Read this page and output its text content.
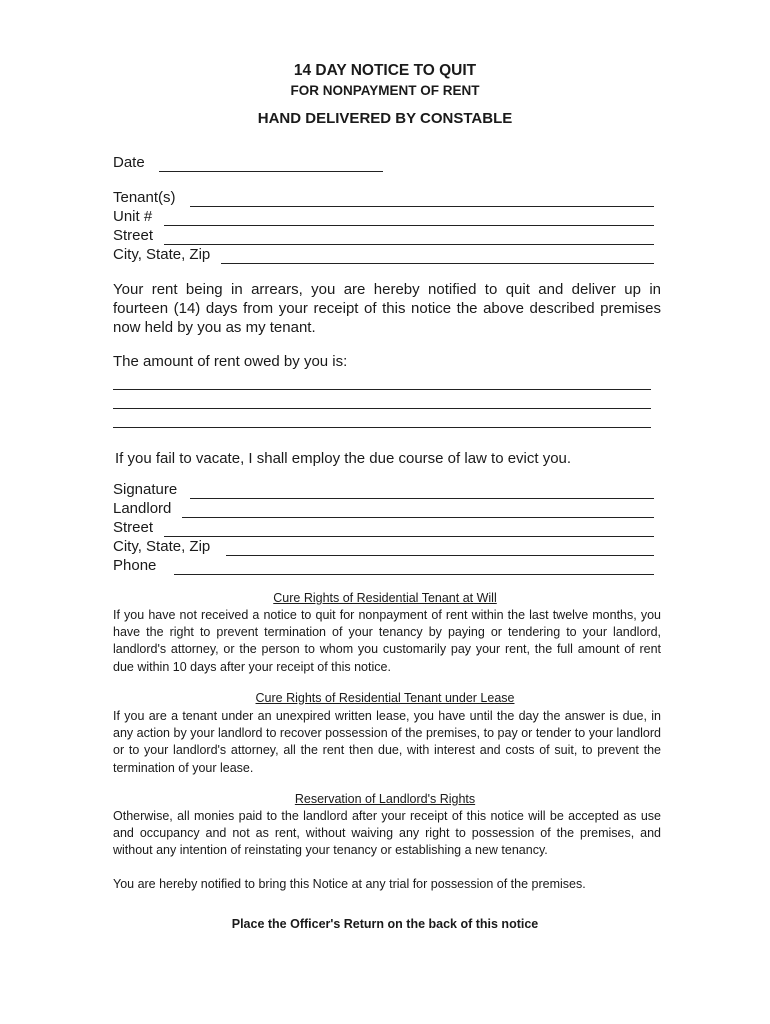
14 DAY NOTICE TO QUIT
FOR NONPAYMENT OF RENT
HAND DELIVERED BY CONSTABLE
Date
Tenant(s)
Unit #
Street
City, State, Zip
Your rent being in arrears, you are hereby notified to quit and deliver up in fourteen (14) days from your receipt of this notice the above described premises now held by you as my tenant.
The amount of rent owed by you is:
If you fail to vacate, I shall employ the due course of law to evict you.
Signature
Landlord
Street
City, State, Zip
Phone
Cure Rights of Residential Tenant at Will
If you have not received a notice to quit for nonpayment of rent within the last twelve months, you have the right to prevent termination of your tenancy by paying or tendering to your landlord, landlord's attorney, or the person to whom you customarily pay your rent, the full amount of rent due within 10 days after your receipt of this notice.
Cure Rights of Residential Tenant under Lease
If you are a tenant under an unexpired written lease, you have until the day the answer is due, in any action by your landlord to recover possession of the premises, to pay or tender to your landlord or to your landlord's attorney, all the rent then due, with interest and costs of suit, to prevent the termination of your lease.
Reservation of Landlord's Rights
Otherwise, all monies paid to the landlord after your receipt of this notice will be accepted as use and occupancy and not as rent, without waiving any right to possession of the premises, and without any intention of reinstating your tenancy or establishing a new tenancy.
You are hereby notified to bring this Notice at any trial for possession of the premises.
Place the Officer's Return on the back of this notice
